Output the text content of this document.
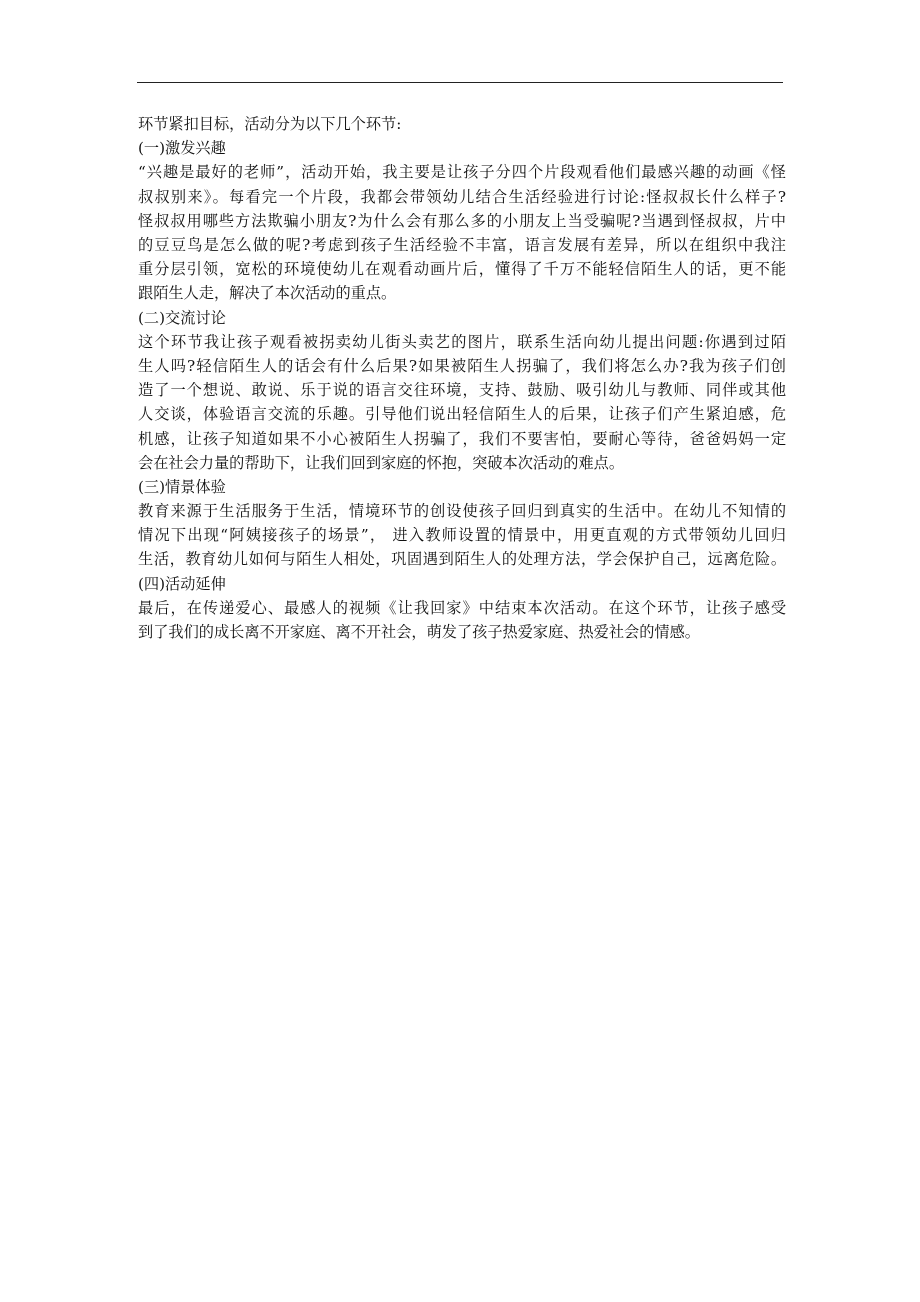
环节紧扣目标，活动分为以下几个环节:
(一)激发兴趣
“兴趣是最好的老师”，活动开始，我主要是让孩子分四个片段观看他们最感兴趣的动画《怪
叔叔别来》。每看完一个片段，我都会带领幼儿结合生活经验进行讨论:怪叔叔长什么样子?
怪叔叔用哪些方法欺骗小朋友?为什么会有那么多的小朋友上当受骗呢?当遇到怪叔叔，片中
的豆豆鸟是怎么做的呢?考虑到孩子生活经验不丰富，语言发展有差异，所以在组织中我注
重分层引领，宽松的环境使幼儿在观看动画片后，懂得了千万不能轻信陌生人的话，更不能
跟陌生人走，解决了本次活动的重点。
(二)交流讨论
这个环节我让孩子观看被拐卖幼儿街头卖艺的图片，联系生活向幼儿提出问题:你遇到过陌
生人吗?轻信陌生人的话会有什么后果?如果被陌生人拐骗了，我们将怎么办?我为孩子们创
造了一个想说、敢说、乐于说的语言交往环境，支持、鼓励、吸引幼儿与教师、同伴或其他
人交谈，体验语言交流的乐趣。引导他们说出轻信陌生人的后果，让孩子们产生紧迫感，危
机感，让孩子知道如果不小心被陌生人拐骗了，我们不要害怕，要耐心等待，爸爸妈妈一定
会在社会力量的帮助下，让我们回到家庭的怀抱，突破本次活动的难点。
(三)情景体验
教育来源于生活服务于生活，情境环节的创设使孩子回归到真实的生活中。在幼儿不知情的
情况下出现“阿姨接孩子的场景”， 进入教师设置的情景中，用更直观的方式带领幼儿回归
生活，教育幼儿如何与陌生人相处，巩固遇到陌生人的处理方法，学会保护自己，远离危险。
(四)活动延伸
最后，在传递爱心、最感人的视频《让我回家》中结束本次活动。在这个环节，让孩子感受
到了我们的成长离不开家庭、离不开社会，萌发了孩子热爱家庭、热爱社会的情感。
